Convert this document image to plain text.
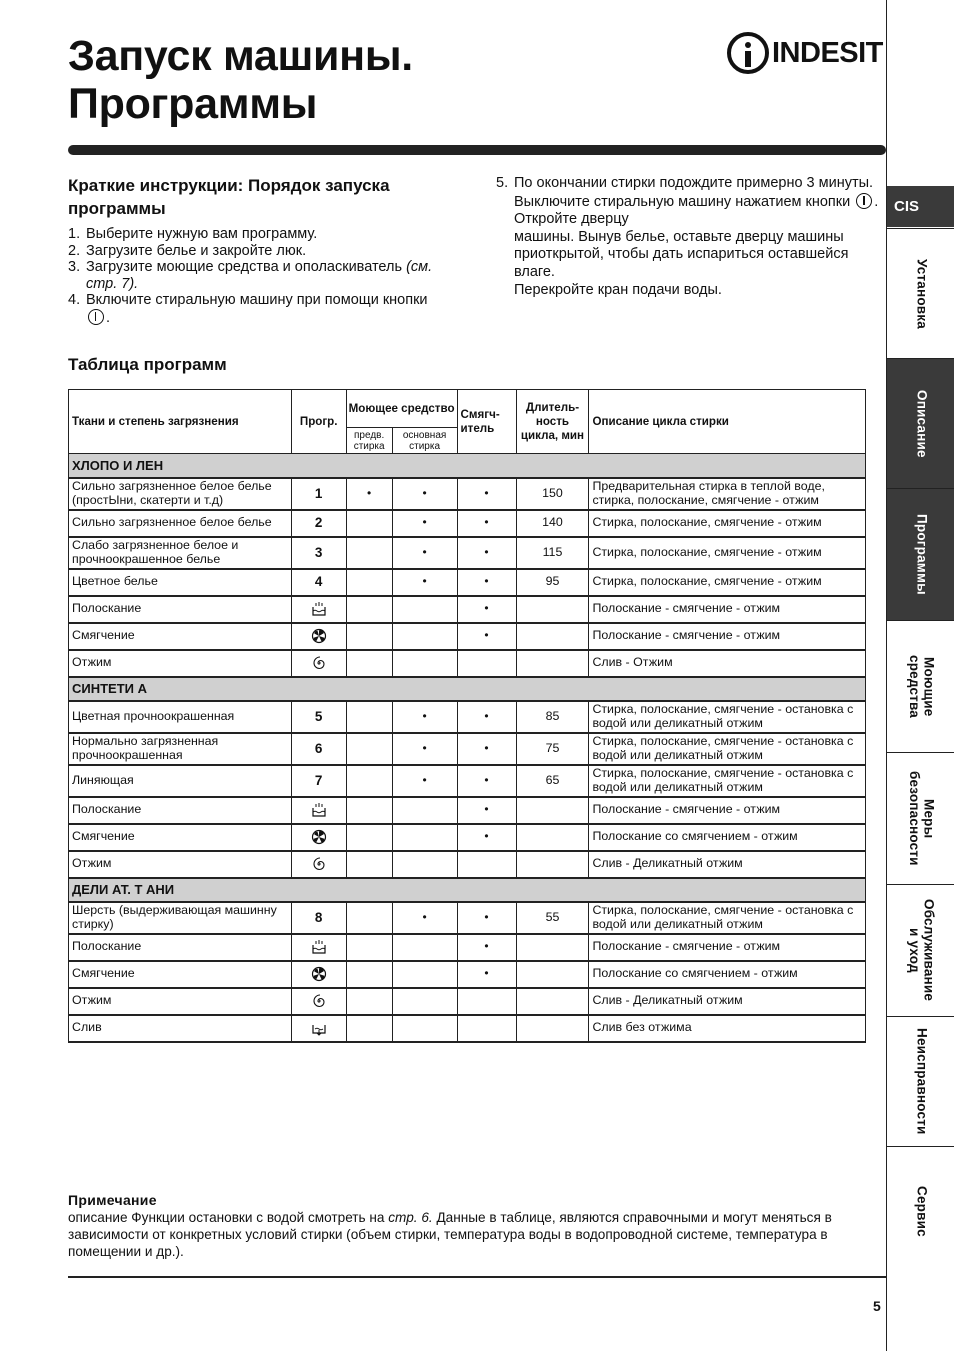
Запуск машины.
Программы
INDESIT
Краткие инструкции: Порядок запуска программы
1. Выберите нужную вам программу.
2. Загрузите белье и закройте люк.
3. Загрузите моющие средства и ополаскиватель (см. стр. 7).
4. Включите стиральную машину при помощи кнопки .
5. По окончании стирки подождите примерно 3 минуты.
Выключите стиральную машину нажатием кнопки . Откройте дверцу
машины. Вынув белье, оставьте дверцу машины приоткрытой, чтобы дать испариться оставшейся влаге.
Перекройте кран подачи воды.
Таблица программ
Ткани и степень загрязнения	Прогр.	Моющее средство		Смягч- итель	Длитель- ность цикла, мин	Описание цикла стирки
		предв. стирка	основная стирка			
ХЛОПО И ЛЕН						
Сильно загрязненное белое белье (простЫни, скатерти и т.д)	1	•	•	•	150	Предварительная стирка в теплой воде, стирка, полоскание, смягчение - отжим
Сильно загрязненное белое белье	2		•	•	140	Стирка, полоскание, смягчение - отжим
Слабо загрязненное белое и прочноокрашенное белье	3		•	•	115	Стирка, полоскание, смягчение - отжим
Цветное белье	4		•	•	95	Стирка, полоскание, смягчение - отжим
Полоскание				•		Полоскание - смягчение - отжим
Смягчение				•		Полоскание - смягчение - отжим
Отжим						Слив - Отжим
СИНТЕТИ А						
Цветная прочноокрашенная	5		•	•	85	Стирка, полоскание, смягчение - остановка с водой или деликатный отжим
Нормально загрязненная прочноокрашенная	6		•	•	75	Стирка, полоскание, смягчение - остановка с водой или деликатный отжим
Линяющая	7		•	•	65	Стирка, полоскание, смягчение - остановка с водой или деликатный отжим
Полоскание				•		Полоскание - смягчение - отжим
Смягчение				•		Полоскание со смягчением - отжим
Отжим						Слив - Деликатный отжим
ДЕЛИ АТ. Т АНИ						
Шерсть (выдерживающая машинну стирку)	8		•	•	55	Стирка, полоскание, смягчение - остановка с водой или деликатный отжим
Полоскание				•		Полоскание - смягчение - отжим
Смягчение				•		Полоскание со смягчением - отжим
Отжим						Слив - Деликатный отжим
Слив						Слив без отжима
Примечание
описание Функции остановки с водой смотреть на стр. 6. Данные в таблице, являются справочными и могут меняться в зависимости от конкретных условий стирки (объем стирки, температура воды в водопроводной системе, температура в помещении и др.).
5
CIS
Установка
Описание
Программы
Моющие
средства
Меры
безопасности
Обслуживание
и уход
Неисправности
Сервис
